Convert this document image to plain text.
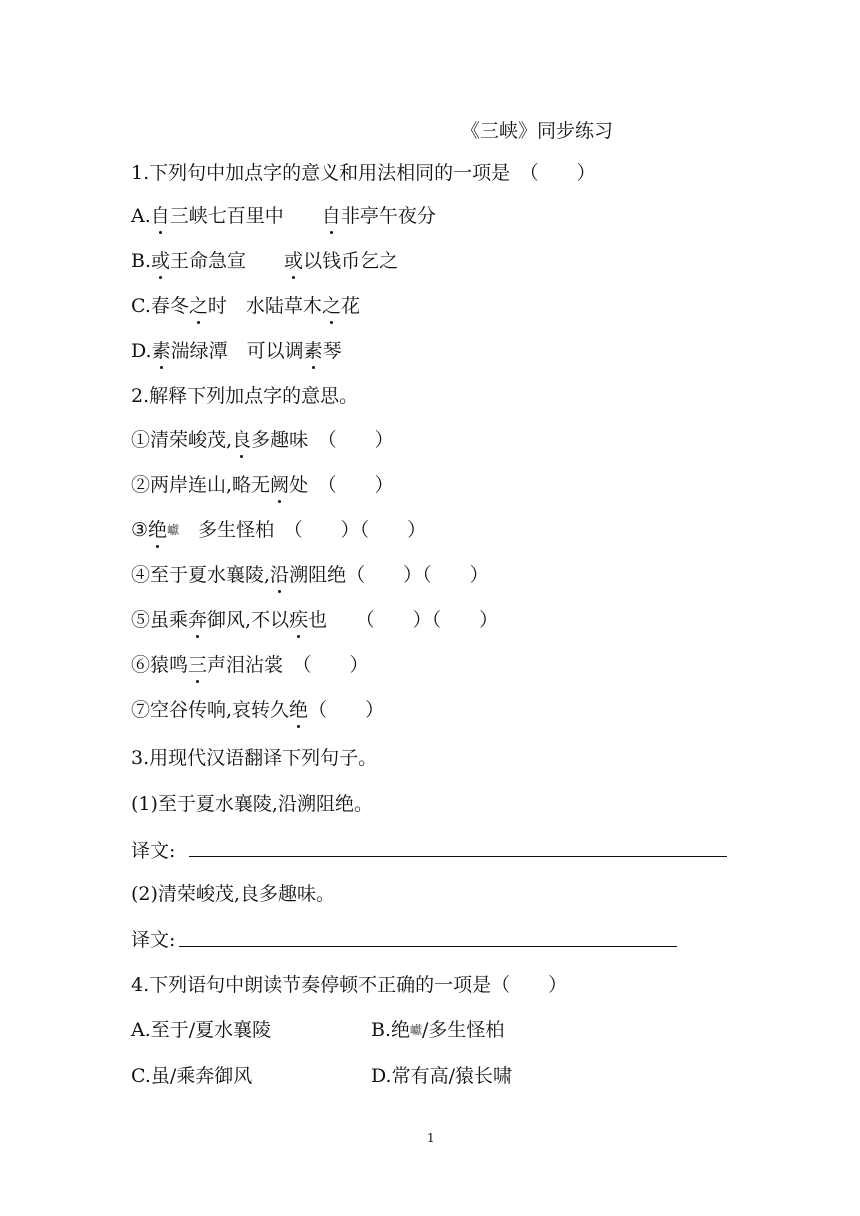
《三峡》同步练习
1.下列句中加点字的意义和用法相同的一项是　（　　）
A.自三峡七百里中　　自非亭午夜分
B.或王命急宣　　或以钱币乞之
C.春冬之时　水陆草木之花
D.素湍绿潭　可以调素琴
2.解释下列加点字的意思。
①清荣峻茂,良多趣味　（　　）
②两岸连山,略无阙处　（　　）
③绝巘　多生怪柏　（　　）（　　）
④至于夏水襄陵,沿溯阻绝（　　）（　　）
⑤虽乘奔御风,不以疾也　　（　　）（　　）
⑥猿鸣三声泪沾裳　（　　）
⑦空谷传响,哀转久绝（　　）
3.用现代汉语翻译下列句子。
(1)至于夏水襄陵,沿溯阻绝。
译文:
(2)清荣峻茂,良多趣味。
译文:
4.下列语句中朗读节奏停顿不正确的一项是（　　）
A.至于/夏水襄陵	B.绝巘/多生怪柏
C.虽/乘奔御风	D.常有高/猿长啸
1
